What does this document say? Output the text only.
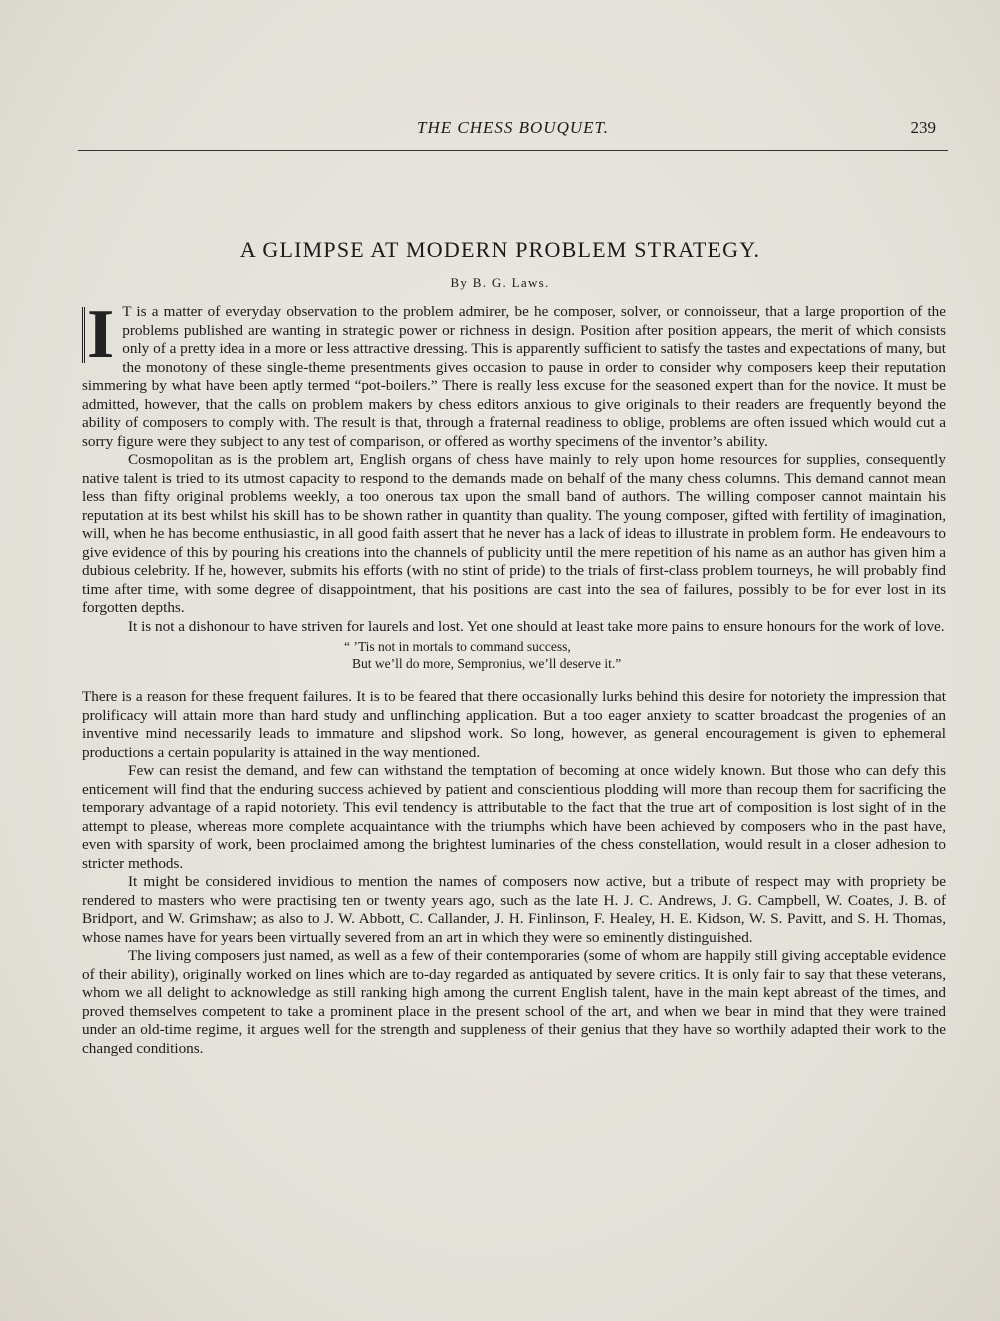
THE CHESS BOUQUET.	239
A GLIMPSE AT MODERN PROBLEM STRATEGY.
By B. G. Laws.

I T is a matter of everyday observation to the problem admirer, be he composer, solver, or connoisseur, that a large proportion of the problems published are wanting in strategic power or richness in design. Position after position appears, the merit of which consists only of a pretty idea in a more or less attractive dressing. This is apparently sufficient to satisfy the tastes and expectations of many, but the monotony of these single-theme presentments gives occasion to pause in order to consider why composers keep their reputation simmering by what have been aptly termed “pot-boilers.” There is really less excuse for the seasoned expert than for the novice. It must be admitted, however, that the calls on problem makers by chess editors anxious to give originals to their readers are frequently beyond the ability of composers to comply with. The result is that, through a fraternal readiness to oblige, problems are often issued which would cut a sorry figure were they subject to any test of comparison, or offered as worthy specimens of the inventor’s ability.

Cosmopolitan as is the problem art, English organs of chess have mainly to rely upon home resources for supplies, consequently native talent is tried to its utmost capacity to respond to the demands made on behalf of the many chess columns. This demand cannot mean less than fifty original problems weekly, a too onerous tax upon the small band of authors. The willing composer cannot maintain his reputation at its best whilst his skill has to be shown rather in quantity than quality. The young composer, gifted with fertility of imagination, will, when he has become enthusiastic, in all good faith assert that he never has a lack of ideas to illustrate in problem form. He endeavours to give evidence of this by pouring his creations into the channels of publicity until the mere repetition of his name as an author has given him a dubious celebrity. If he, however, submits his efforts (with no stint of pride) to the trials of first-class problem tourneys, he will probably find time after time, with some degree of disappointment, that his positions are cast into the sea of failures, possibly to be for ever lost in its forgotten depths.

It is not a dishonour to have striven for laurels and lost. Yet one should at least take more pains to ensure honours for the work of love.

“ ’Tis not in mortals to command success,
But we’ll do more, Sempronius, we’ll deserve it.”

There is a reason for these frequent failures. It is to be feared that there occasionally lurks behind this desire for notoriety the impression that prolificacy will attain more than hard study and unflinching application. But a too eager anxiety to scatter broadcast the progenies of an inventive mind necessarily leads to immature and slipshod work. So long, however, as general encouragement is given to ephemeral productions a certain popularity is attained in the way mentioned.

Few can resist the demand, and few can withstand the temptation of becoming at once widely known. But those who can defy this enticement will find that the enduring success achieved by patient and conscientious plodding will more than recoup them for sacrificing the temporary advantage of a rapid notoriety. This evil tendency is attributable to the fact that the true art of composition is lost sight of in the attempt to please, whereas more complete acquaintance with the triumphs which have been achieved by composers who in the past have, even with sparsity of work, been proclaimed among the brightest luminaries of the chess constellation, would result in a closer adhesion to stricter methods.

It might be considered invidious to mention the names of composers now active, but a tribute of respect may with propriety be rendered to masters who were practising ten or twenty years ago, such as the late H. J. C. Andrews, J. G. Campbell, W. Coates, J. B. of Bridport, and W. Grimshaw; as also to J. W. Abbott, C. Callander, J. H. Finlinson, F. Healey, H. E. Kidson, W. S. Pavitt, and S. H. Thomas, whose names have for years been virtually severed from an art in which they were so eminently distinguished.

The living composers just named, as well as a few of their contemporaries (some of whom are happily still giving acceptable evidence of their ability), originally worked on lines which are to-day regarded as antiquated by severe critics. It is only fair to say that these veterans, whom we all delight to acknowledge as still ranking high among the current English talent, have in the main kept abreast of the times, and proved themselves competent to take a prominent place in the present school of the art, and when we bear in mind that they were trained under an old-time regime, it argues well for the strength and suppleness of their genius that they have so worthily adapted their work to the changed conditions.
